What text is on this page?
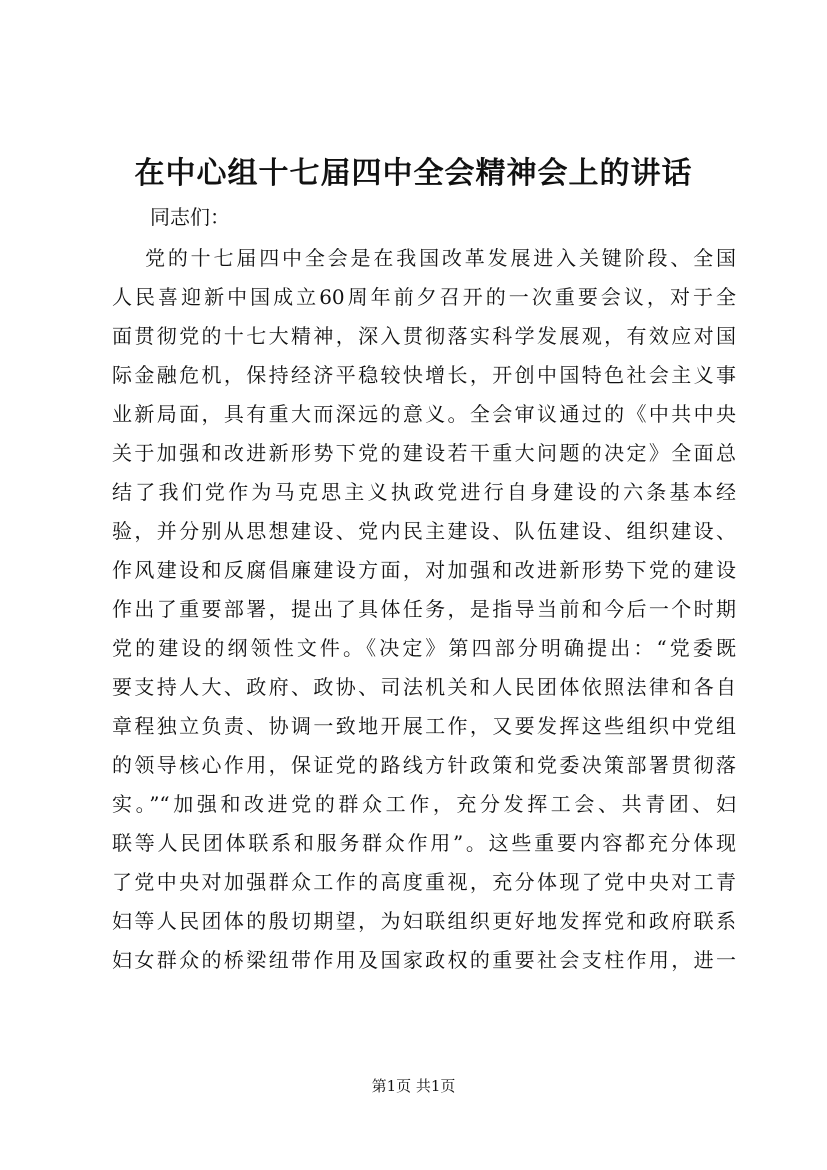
在中心组十七届四中全会精神会上的讲话

同志们：

党的十七届四中全会是在我国改革发展进入关键阶段、全国
人民喜迎新中国成立60周年前夕召开的一次重要会议，对于全
面贯彻党的十七大精神，深入贯彻落实科学发展观，有效应对国
际金融危机，保持经济平稳较快增长，开创中国特色社会主义事
业新局面，具有重大而深远的意义。全会审议通过的《中共中央
关于加强和改进新形势下党的建设若干重大问题的决定》全面总
结了我们党作为马克思主义执政党进行自身建设的六条基本经
验，并分别从思想建设、党内民主建设、队伍建设、组织建设、
作风建设和反腐倡廉建设方面，对加强和改进新形势下党的建设
作出了重要部署，提出了具体任务，是指导当前和今后一个时期
党的建设的纲领性文件。《决定》第四部分明确提出：“党委既
要支持人大、政府、政协、司法机关和人民团体依照法律和各自
章程独立负责、协调一致地开展工作，又要发挥这些组织中党组
的领导核心作用，保证党的路线方针政策和党委决策部署贯彻落
实。”“加强和改进党的群众工作，充分发挥工会、共青团、妇
联等人民团体联系和服务群众作用”。这些重要内容都充分体现
了党中央对加强群众工作的高度重视，充分体现了党中央对工青
妇等人民团体的殷切期望，为妇联组织更好地发挥党和政府联系
妇女群众的桥梁纽带作用及国家政权的重要社会支柱作用，进一

第1页 共1页
